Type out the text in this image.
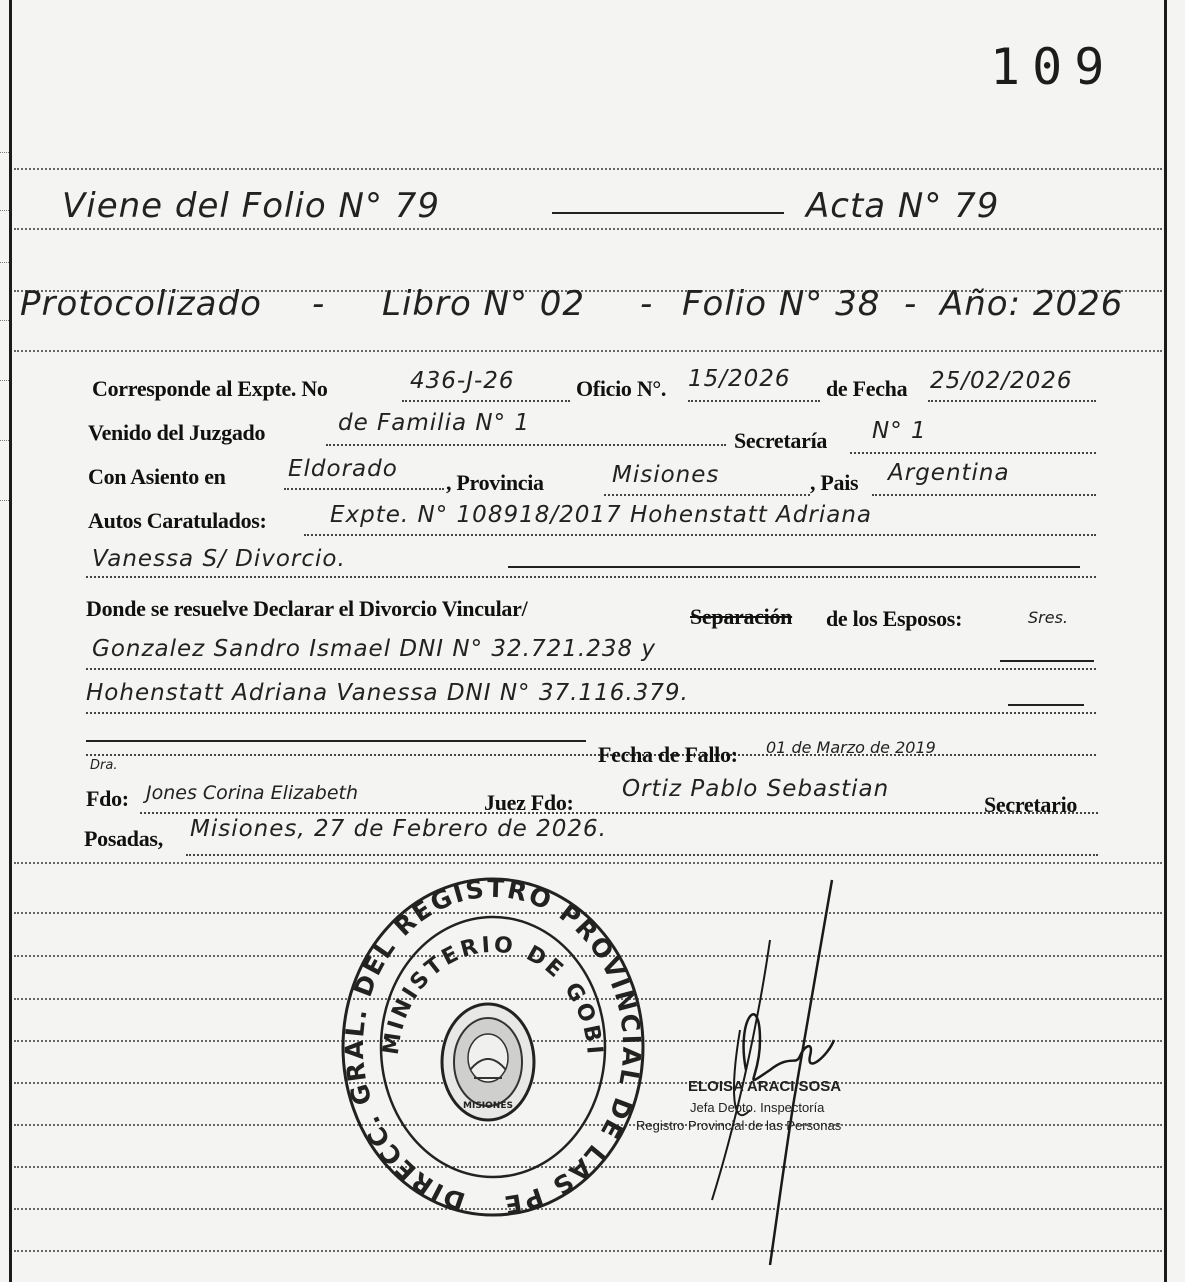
109
Viene del Folio N° 79	Acta N° 79
Protocolizado - Libro N° 02 - Folio N° 38 - Año: 2026
Corresponde al Expte. No	436-J-26	Oficio N°. 15/2026 de Fecha 25/02/2026
Venido del Juzgado	de Familia N° 1
Secretaría N° 1
Con Asiento en	Eldorado
, Provincia	Misiones	, Pais Argentina
Autos Caratulados:	Expte. N° 108918/2017 Hohenstatt Adriana
Vanessa S/ Divorcio.
Donde se resuelve Declarar el Divorcio Vincular/	Separación de los Esposos:	Sres.
Gonzalez Sandro Ismael DNI N° 32.721.238 y
Hohenstatt Adriana Vanessa DNI N° 37.116.379.
Fecha de Fallo: 01 de Marzo de 2019
Dra.
Fdo: Jones Corina Elizabeth	Juez Fdo:
Ortiz Pablo Sebastian
Secretario
Posadas, Misiones, 27 de Febrero de 2026.
DIRECC. GRAL. DEL REGISTRO PROVINCIAL DE LAS PE
MINISTERIO DE GOBI
MISIONES
ELOISA ARACI SOSA
Jefa Depto. Inspectoría
Registro Provincial de las Personas
